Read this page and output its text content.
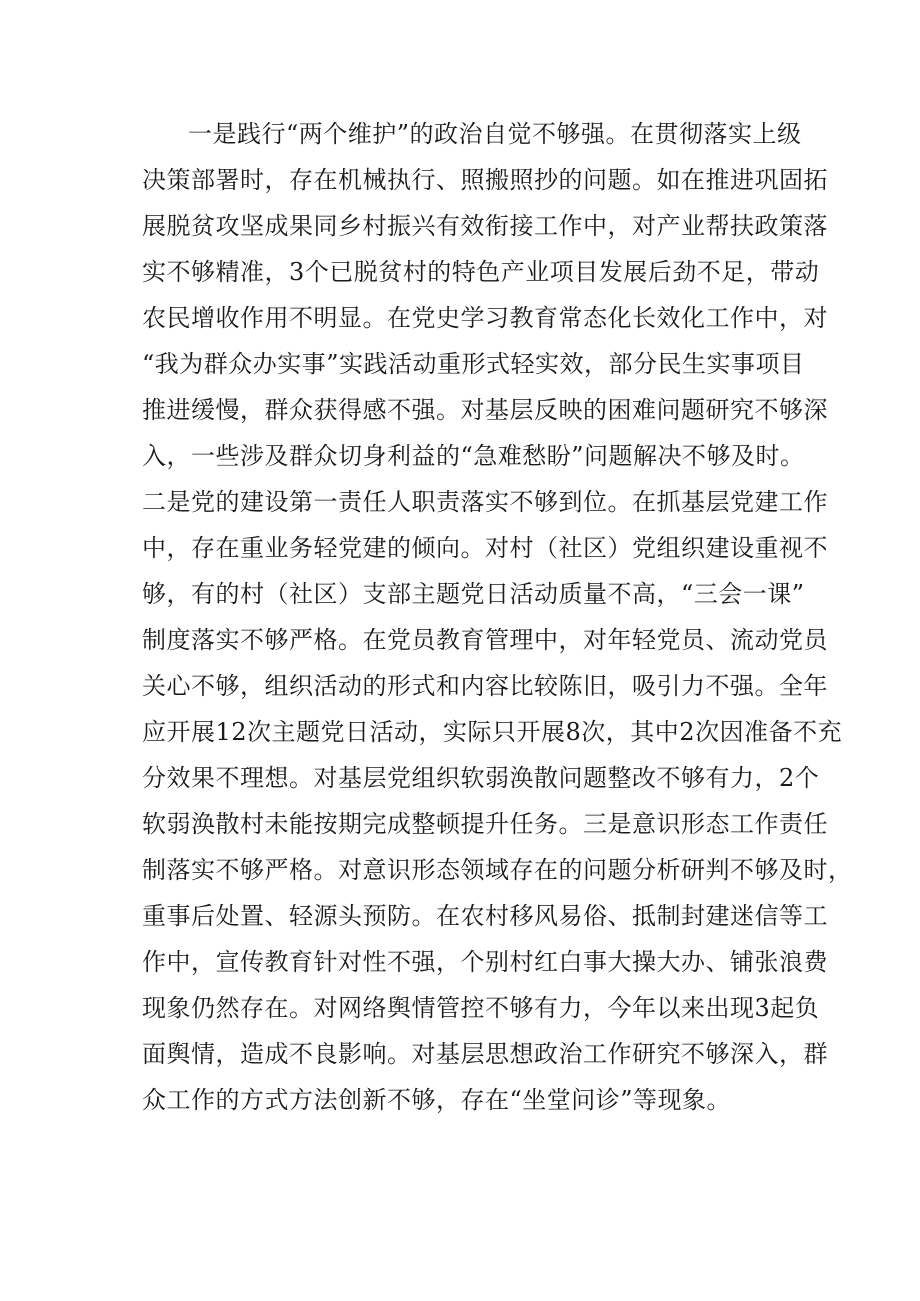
一是践行“两个维护”的政治自觉不够强。在贯彻落实上级
决策部署时，存在机械执行、照搬照抄的问题。如在推进巩固拓
展脱贫攻坚成果同乡村振兴有效衔接工作中，对产业帮扶政策落
实不够精准，3个已脱贫村的特色产业项目发展后劲不足，带动
农民增收作用不明显。在党史学习教育常态化长效化工作中，对
“我为群众办实事”实践活动重形式轻实效，部分民生实事项目
推进缓慢，群众获得感不强。对基层反映的困难问题研究不够深
入，一些涉及群众切身利益的“急难愁盼”问题解决不够及时。
二是党的建设第一责任人职责落实不够到位。在抓基层党建工作
中，存在重业务轻党建的倾向。对村（社区）党组织建设重视不
够，有的村（社区）支部主题党日活动质量不高，“三会一课”
制度落实不够严格。在党员教育管理中，对年轻党员、流动党员
关心不够，组织活动的形式和内容比较陈旧，吸引力不强。全年
应开展12次主题党日活动，实际只开展8次，其中2次因准备不充
分效果不理想。对基层党组织软弱涣散问题整改不够有力，2个
软弱涣散村未能按期完成整顿提升任务。三是意识形态工作责任
制落实不够严格。对意识形态领域存在的问题分析研判不够及时，
重事后处置、轻源头预防。在农村移风易俗、抵制封建迷信等工
作中，宣传教育针对性不强，个别村红白事大操大办、铺张浪费
现象仍然存在。对网络舆情管控不够有力，今年以来出现3起负
面舆情，造成不良影响。对基层思想政治工作研究不够深入，群
众工作的方式方法创新不够，存在“坐堂问诊”等现象。
